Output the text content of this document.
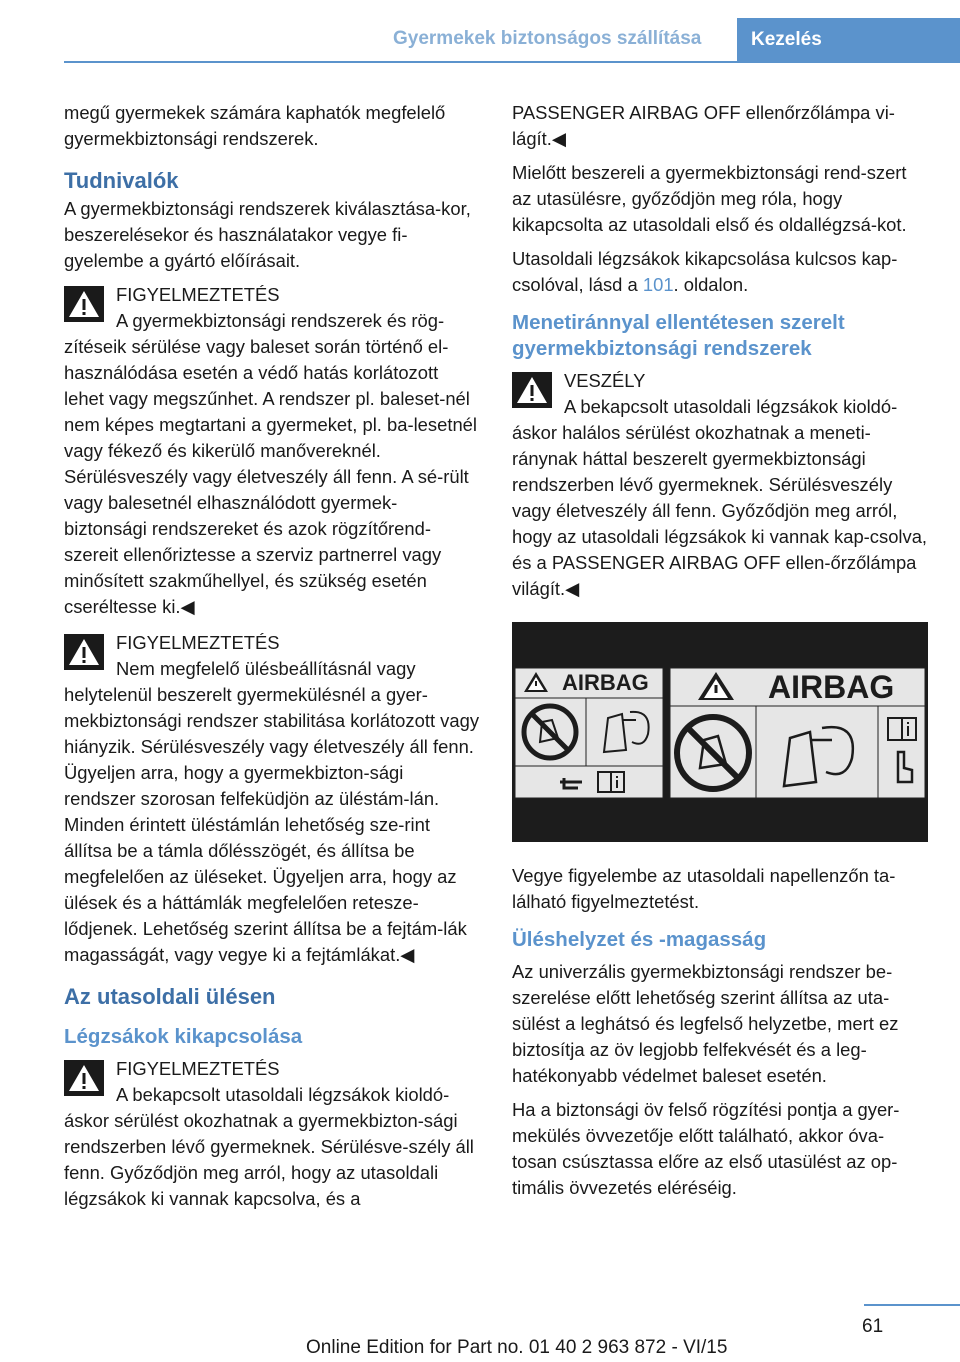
Gyermekek biztonságos szállítása	Kezelés

megű gyermekek számára kaphatók megfelelő gyermekbiztonsági rendszerek.

Tudnivalók

A gyermekbiztonsági rendszerek kiválasztása-kor, beszerelésekor és használatakor vegye fi-gyelembe a gyártó előírásait.

FIGYELMEZTETÉS
A gyermekbiztonsági rendszerek és rög-zítéseik sérülése vagy baleset során történő el-használódása esetén a védő hatás korlátozott lehet vagy megszűnhet. A rendszer pl. baleset-nél nem képes megtartani a gyermeket, pl. ba-lesetnél vagy fékező és kikerülő manővereknél. Sérülésveszély vagy életveszély áll fenn. A sé-rült vagy balesetnél elhasználódott gyermek-biztonsági rendszereket és azok rögzítőrend-szereit ellenőriztesse a szerviz partnerrel vagy minősített szakműhellyel, és szükség esetén cseréltesse ki.◀
FIGYELMEZTETÉS
Nem megfelelő ülésbeállításnál vagy helytelenül beszerelt gyermekülésnél a gyer-mekbiztonsági rendszer stabilitása korlátozott vagy hiányzik. Sérülésveszély vagy életveszély áll fenn. Ügyeljen arra, hogy a gyermekbizton-sági rendszer szorosan felfeküdjön az üléstám-lán. Minden érintett üléstámlán lehetőség sze-rint állítsa be a támla dőlésszögét, és állítsa be megfelelően az üléseket. Ügyeljen arra, hogy az ülések és a háttámlák megfelelően retesze-lődjenek. Lehetőség szerint állítsa be a fejtám-lák magasságát, vagy vegye ki a fejtámlákat.◀
Az utasoldali ülésen
Légzsákok kikapcsolása
FIGYELMEZTETÉS
A bekapcsolt utasoldali légzsákok kioldó-áskor sérülést okozhatnak a gyermekbizton-sági rendszerben lévő gyermeknek. Sérülésve-szély áll fenn. Győződjön meg arról, hogy az utasoldali légzsákok ki vannak kapcsolva, és a

PASSENGER AIRBAG OFF ellenőrzőlámpa vi-lágít.◀

Mielőtt beszereli a gyermekbiztonsági rend-szert az utasülésre, győződjön meg róla, hogy kikapcsolta az utasoldali első és oldallégzsá-kot.

Utasoldali légzsákok kikapcsolása kulcsos kap-csolóval, lásd a 101. oldalon.

Menetiránnyal ellentétesen szerelt gyermekbiztonsági rendszerek
VESZÉLY
A bekapcsolt utasoldali légzsákok kioldó-áskor halálos sérülést okozhatnak a meneti-ránynak háttal beszerelt gyermekbiztonsági rendszerben lévő gyermeknek. Sérülésveszély vagy életveszély áll fenn. Győződjön meg arról, hogy az utasoldali légzsákok ki vannak kap-csolva, és a PASSENGER AIRBAG OFF ellen-őrzőlámpa világít.◀
AIRBAG	AIRBAG

Vegye figyelembe az utasoldali napellenzőn ta-lálható figyelmeztetést.

Üléshelyzet és -magasság

Az univerzális gyermekbiztonsági rendszer be-szerelése előtt lehetőség szerint állítsa az uta-sülést a leghátsó és legfelső helyzetbe, mert ez biztosítja az öv legjobb felfekvését és a leg-hatékonyabb védelmet baleset esetén.

Ha a biztonsági öv felső rögzítési pontja a gyer-mekülés övvezetője előtt található, akkor óva-tosan csúsztassa előre az első utasülést az op-timális övvezetés eléréséig.

61
Online Edition for Part no. 01 40 2 963 872 - VI/15
